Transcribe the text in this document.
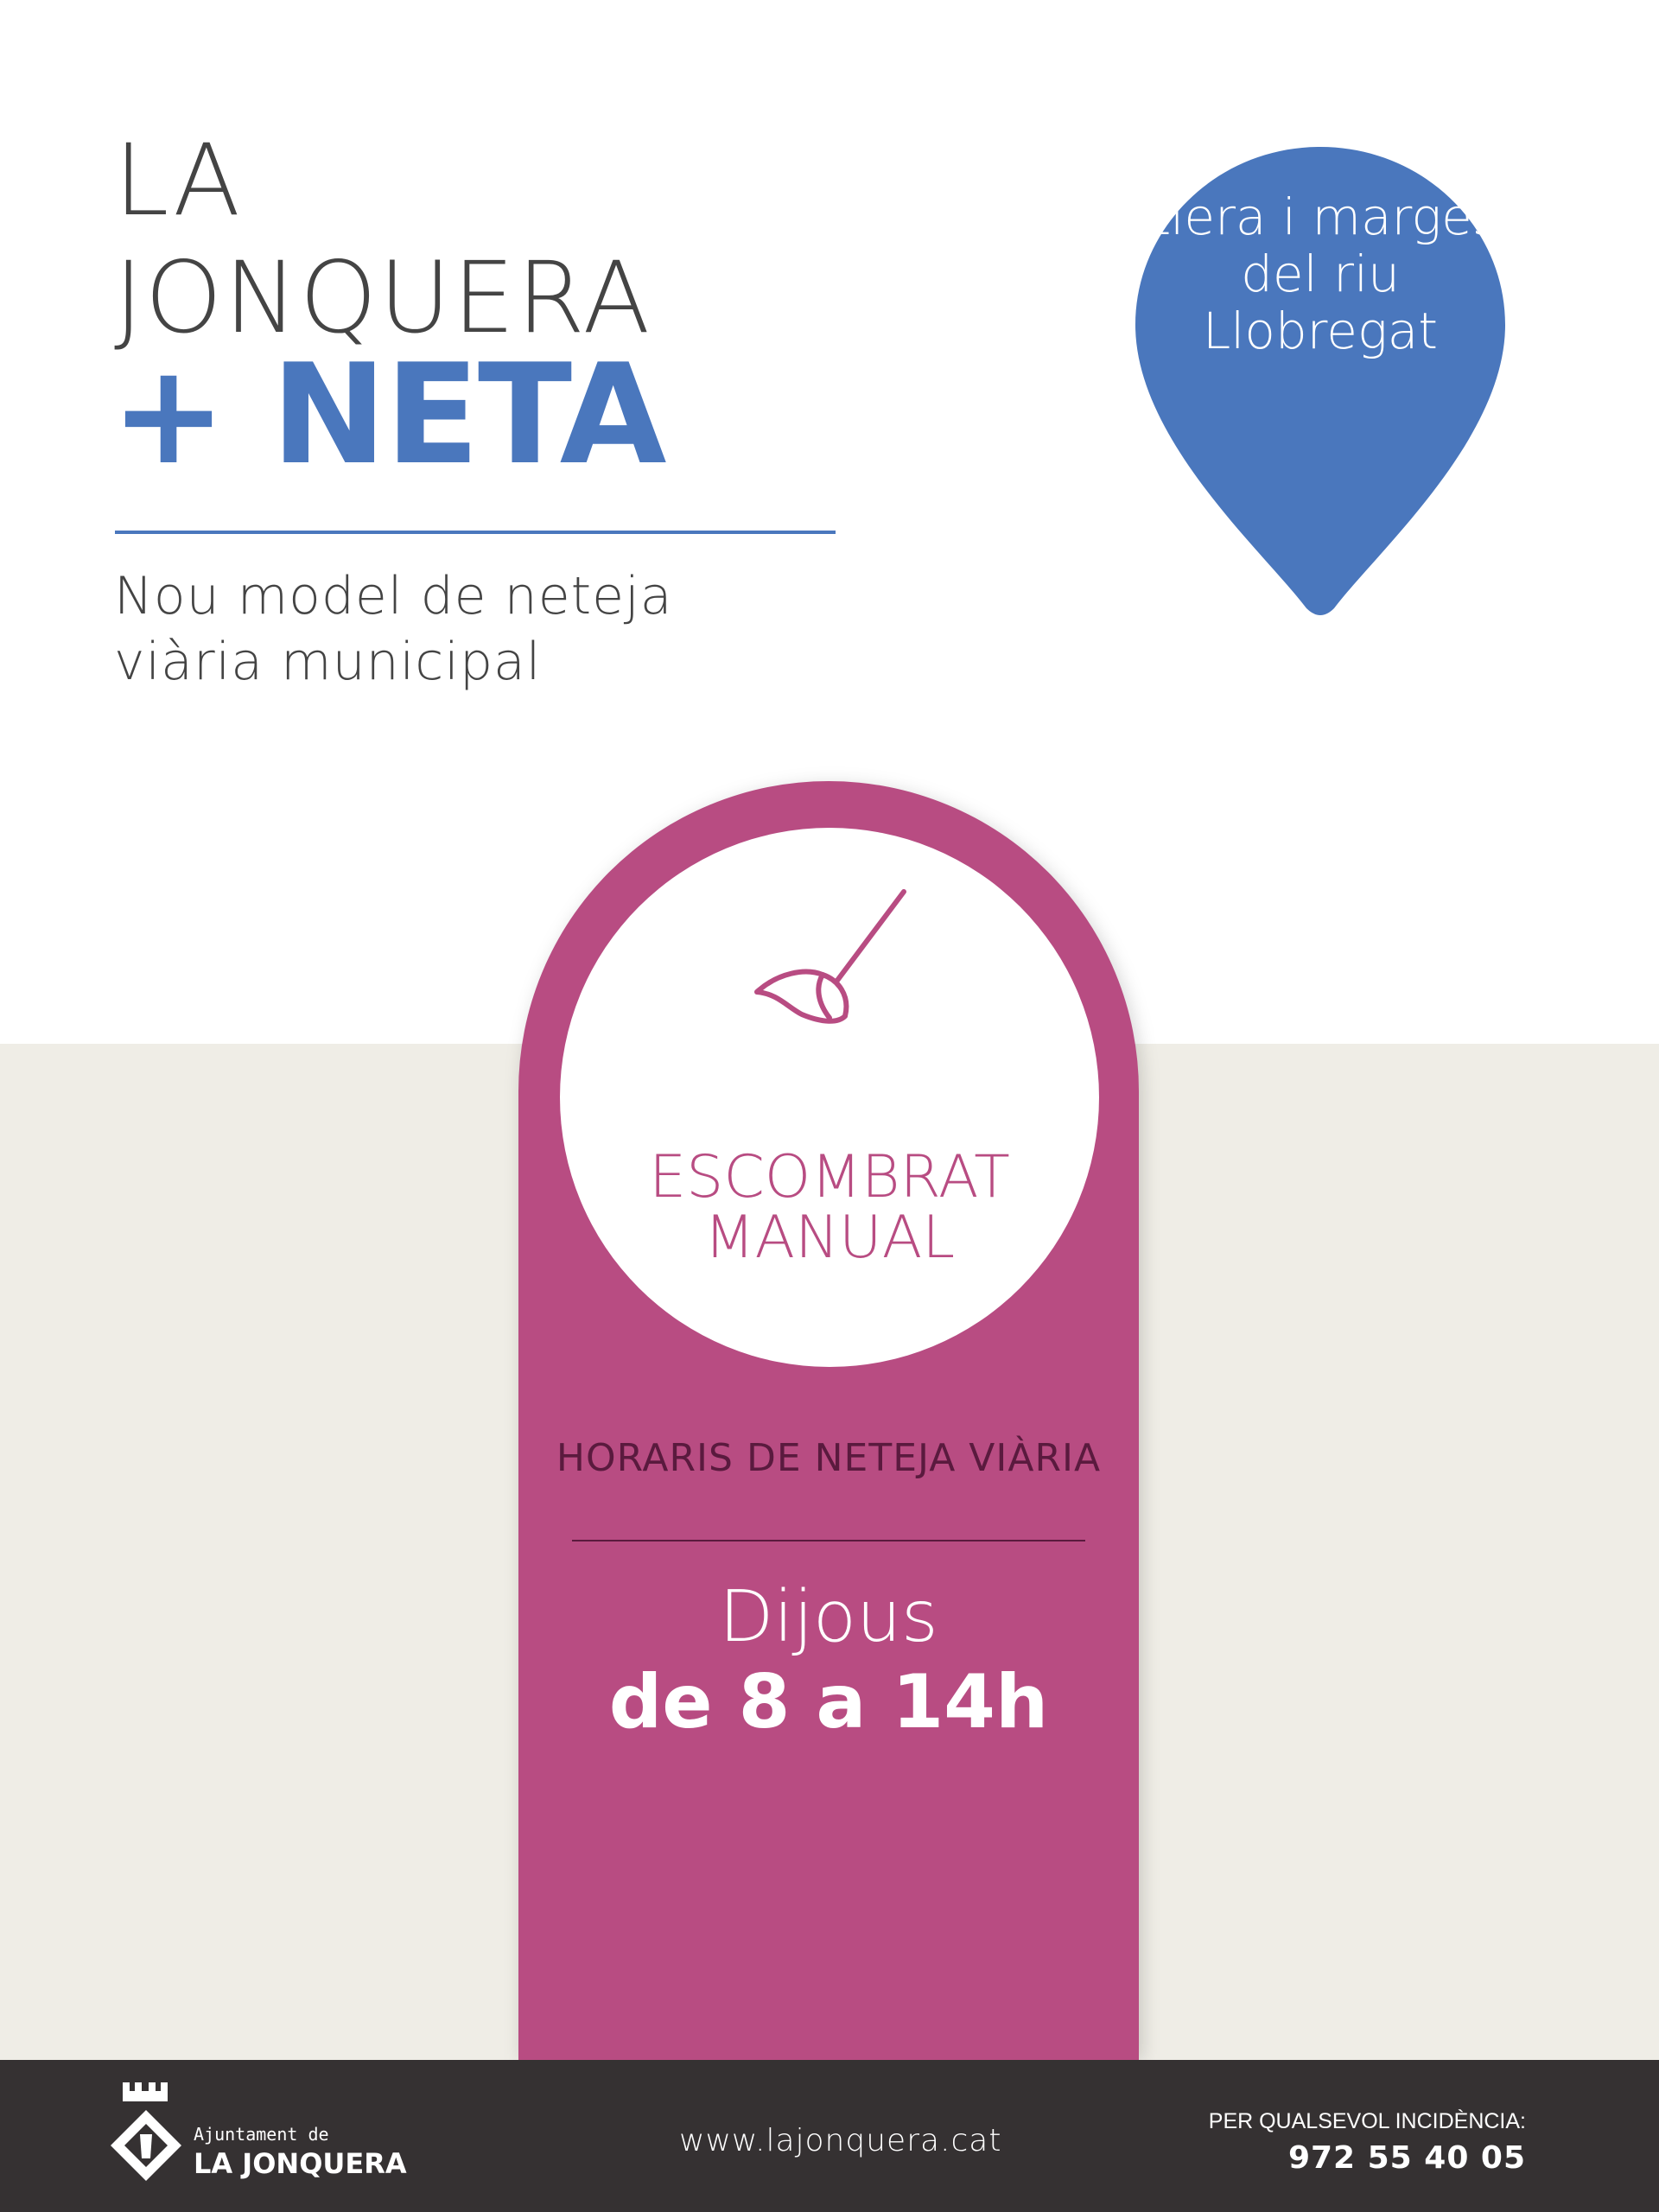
LA
JONQUERA
+ NETA

Nou model de neteja viària municipal

Llera i marges del riu Llobregat

ESCOMBRAT MANUAL

HORARIS DE NETEJA VIÀRIA

Dijous

de 8 a 14h

Ajuntament de

LA JONQUERA

www.lajonquera.cat

PER QUALSEVOL INCIDÈNCIA:

972 55 40 05
